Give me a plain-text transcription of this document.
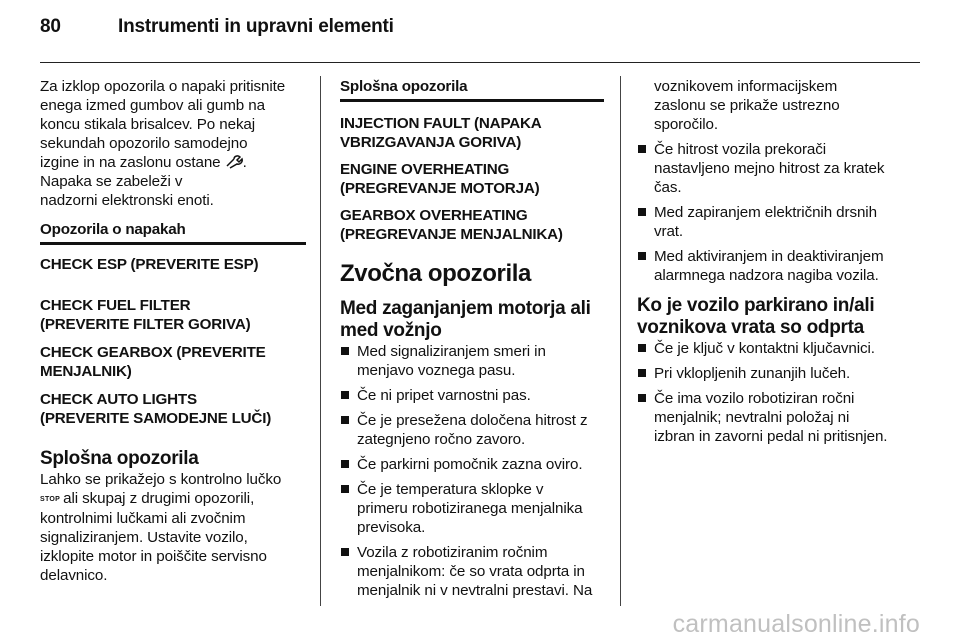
80	Instrumenti in upravni elementi

Za izklop opozorila o napaki pritisnite
enega izmed gumbov ali gumb na
koncu stikala brisalcev. Po nekaj
sekundah opozorilo samodejno
izgine in na zaslonu ostane .
Napaka se zabeleži v
nadzorni elektronski enoti.

Opozorila o napakah
CHECK ESP (PREVERITE ESP)
CHECK FUEL FILTER
(PREVERITE FILTER GORIVA)
CHECK GEARBOX (PREVERITE
MENJALNIK)
CHECK AUTO LIGHTS
(PREVERITE SAMODEJNE LUČI)
Splošna opozorila

Lahko se prikažejo s kontrolno lučko
STOP ali skupaj z drugimi opozorili,
kontrolnimi lučkami ali zvočnim
signaliziranjem. Ustavite vozilo,
izklopite motor in poiščite servisno
delavnico.

Splošna opozorila
INJECTION FAULT (NAPAKA
VBRIZGAVANJA GORIVA)
ENGINE OVERHEATING
(PREGREVANJE MOTORJA)
GEARBOX OVERHEATING
(PREGREVANJE MENJALNIKA)
Zvočna opozorila
Med zaganjanjem motorja ali
med vožnjo
Med signaliziranjem smeri in
menjavo voznega pasu.
Če ni pripet varnostni pas.
Če je presežena določena hitrost z
zategnjeno ročno zavoro.
Če parkirni pomočnik zazna oviro.
Če je temperatura sklopke v
primeru robotiziranega menjalnika
previsoka.
Vozila z robotiziranim ročnim
menjalnikom: če so vrata odprta in
menjalnik ni v nevtralni prestavi. Na

voznikovem informacijskem
zaslonu se prikaže ustrezno
sporočilo.

Če hitrost vozila prekorači
nastavljeno mejno hitrost za kratek
čas.
Med zapiranjem električnih drsnih
vrat.
Med aktiviranjem in deaktiviranjem
alarmnega nadzora nagiba vozila.
Ko je vozilo parkirano in/ali
voznikova vrata so odprta
Če je ključ v kontaktni ključavnici.
Pri vklopljenih zunanjih lučeh.
Če ima vozilo robotiziran ročni
menjalnik; nevtralni položaj ni
izbran in zavorni pedal ni pritisnjen.
carmanualsonline.info
